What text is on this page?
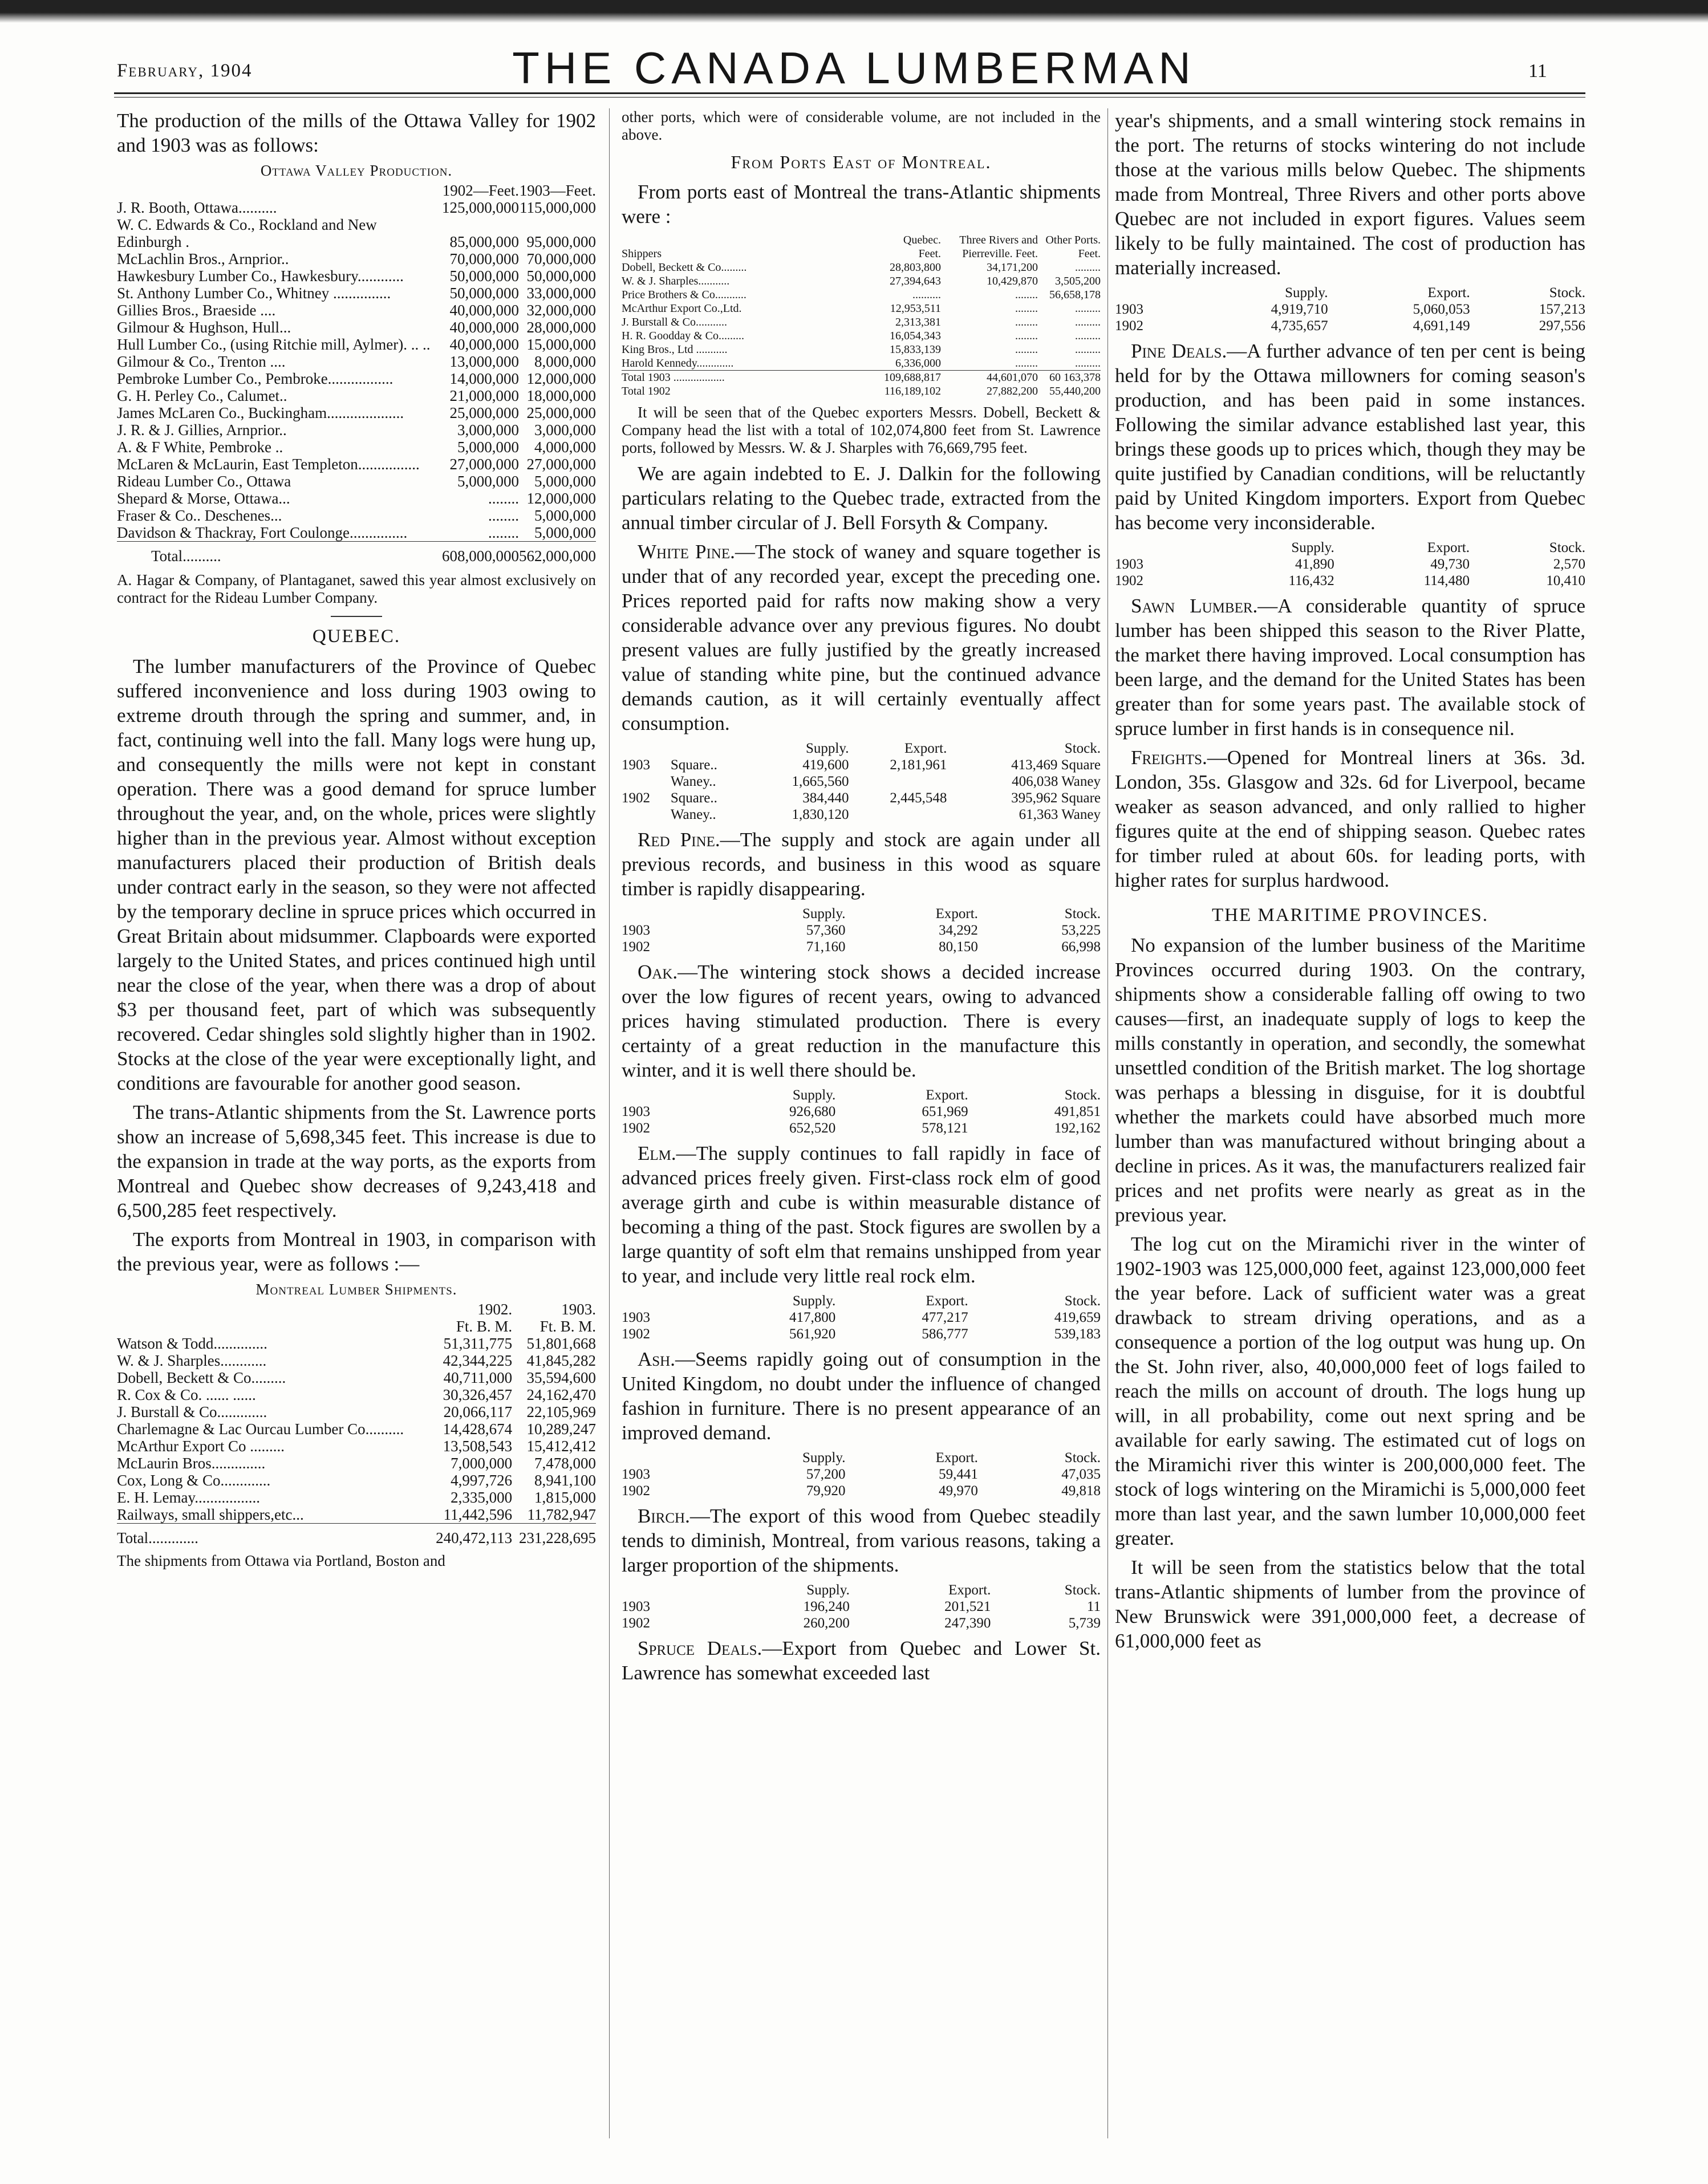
February, 1904	THE CANADA LUMBERMAN	11

The production of the mills of the Ottawa Valley for 1902 and 1903 was as follows:

Ottawa Valley Production.
	1902—Feet.	1903—Feet.
J. R. Booth, Ottawa..........	125,000,000	115,000,000
W. C. Edwards & Co., Rockland and New Edinburgh .	85,000,000	95,000,000
McLachlin Bros., Arnprior..	70,000,000	70,000,000
Hawkesbury Lumber Co., Hawkesbury............	50,000,000	50,000,000
St. Anthony Lumber Co., Whitney ...............	50,000,000	33,000,000
Gillies Bros., Braeside ....	40,000,000	32,000,000
Gilmour & Hughson, Hull...	40,000,000	28,000,000
Hull Lumber Co., (using Ritchie mill, Aylmer). .. ..	40,000,000	15,000,000
Gilmour & Co., Trenton ....	13,000,000	8,000,000
Pembroke Lumber Co., Pembroke.................	14,000,000	12,000,000
G. H. Perley Co., Calumet..	21,000,000	18,000,000
James McLaren Co., Buckingham....................	25,000,000	25,000,000
J. R. & J. Gillies, Arnprior..	3,000,000	3,000,000
A. & F White, Pembroke ..	5,000,000	4,000,000
McLaren & McLaurin, East Templeton................	27,000,000	27,000,000
Rideau Lumber Co., Ottawa	5,000,000	5,000,000
Shepard & Morse, Ottawa...	........	12,000,000
Fraser & Co.. Deschenes...	........	5,000,000
Davidson & Thackray, Fort Coulonge...............	........	5,000,000
Total..........	608,000,000	562,000,000

A. Hagar & Company, of Plantaganet, sawed this year almost exclusively on contract for the Rideau Lumber Company.

QUEBEC.

The lumber manufacturers of the Province of Quebec suffered inconvenience and loss during 1903 owing to extreme drouth through the spring and summer, and, in fact, continuing well into the fall. Many logs were hung up, and consequently the mills were not kept in constant operation. There was a good demand for spruce lumber throughout the year, and, on the whole, prices were slightly higher than in the previous year. Almost without exception manufacturers placed their production of British deals under contract early in the season, so they were not affected by the temporary decline in spruce prices which occurred in Great Britain about midsummer. Clapboards were exported largely to the United States, and prices continued high until near the close of the year, when there was a drop of about $3 per thousand feet, part of which was subsequently recovered. Cedar shingles sold slightly higher than in 1902. Stocks at the close of the year were exceptionally light, and conditions are favourable for another good season.

The trans-Atlantic shipments from the St. Lawrence ports show an increase of 5,698,345 feet. This increase is due to the expansion in trade at the way ports, as the exports from Montreal and Quebec show decreases of 9,243,418 and 6,500,285 feet respectively.

The exports from Montreal in 1903, in comparison with the previous year, were as follows :—

Montreal Lumber Shipments.
	1902.	1903.
	Ft. B. M.	Ft. B. M.
Watson & Todd..............	51,311,775	51,801,668
W. & J. Sharples............	42,344,225	41,845,282
Dobell, Beckett & Co.........	40,711,000	35,594,600
R. Cox & Co. ...... ......	30,326,457	24,162,470
J. Burstall & Co.............	20,066,117	22,105,969
Charlemagne & Lac Ourcau Lumber Co..........	14,428,674	10,289,247
McArthur Export Co .........	13,508,543	15,412,412
McLaurin Bros..............	7,000,000	7,478,000
Cox, Long & Co.............	4,997,726	8,941,100
E. H. Lemay.................	2,335,000	1,815,000
Railways, small shippers,etc...	11,442,596	11,782,947
Total.............	240,472,113	231,228,695

The shipments from Ottawa via Portland, Boston and

other ports, which were of considerable volume, are not included in the above.

From Ports East of Montreal.

From ports east of Montreal the trans-Atlantic shipments were :

Shippers	Quebec. Feet.	Three Rivers and Pierreville. Feet.	Other Ports. Feet.
Dobell, Beckett & Co.........	28,803,800	34,171,200	.........
W. & J. Sharples...........	27,394,643	10,429,870	3,505,200
Price Brothers & Co...........	..........	........	56,658,178
McArthur Export Co.,Ltd.	12,953,511	........	.........
J. Burstall & Co...........	2,313,381	........	.........
H. R. Goodday & Co.........	16,054,343	........	.........
King Bros., Ltd ...........	15,833,139	........	.........
Harold Kennedy.............	6,336,000	........	.........
Total 1903 ..................	109,688,817	44,601,070	60 163,378
Total 1902	116,189,102	27,882,200	55,440,200

It will be seen that of the Quebec exporters Messrs. Dobell, Beckett & Company head the list with a total of 102,074,800 feet from St. Lawrence ports, followed by Messrs. W. & J. Sharples with 76,669,795 feet.

We are again indebted to E. J. Dalkin for the following particulars relating to the Quebec trade, extracted from the annual timber circular of J. Bell Forsyth & Company.

White Pine.—The stock of waney and square together is under that of any recorded year, except the preceding one. Prices reported paid for rafts now making show a very considerable advance over any previous figures. No doubt present values are fully justified by the greatly increased value of standing white pine, but the continued advance demands caution, as it will certainly eventually affect consumption.

		Supply.	Export.	Stock.
1903	Square..	419,600	2,181,961	413,469 Square
	Waney..	1,665,560		406,038 Waney
1902	Square..	384,440	2,445,548	395,962 Square
	Waney..	1,830,120		61,363 Waney

Red Pine.—The supply and stock are again under all previous records, and business in this wood as square timber is rapidly disappearing.

	Supply.	Export.	Stock.
1903	57,360	34,292	53,225
1902	71,160	80,150	66,998

Oak.—The wintering stock shows a decided increase over the low figures of recent years, owing to advanced prices having stimulated production. There is every certainty of a great reduction in the manufacture this winter, and it is well there should be.

	Supply.	Export.	Stock.
1903	926,680	651,969	491,851
1902	652,520	578,121	192,162

Elm.—The supply continues to fall rapidly in face of advanced prices freely given. First-class rock elm of good average girth and cube is within measurable distance of becoming a thing of the past. Stock figures are swollen by a large quantity of soft elm that remains unshipped from year to year, and include very little real rock elm.

	Supply.	Export.	Stock.
1903	417,800	477,217	419,659
1902	561,920	586,777	539,183

Ash.—Seems rapidly going out of consumption in the United Kingdom, no doubt under the influence of changed fashion in furniture. There is no present appearance of an improved demand.

	Supply.	Export.	Stock.
1903	57,200	59,441	47,035
1902	79,920	49,970	49,818

Birch.—The export of this wood from Quebec steadily tends to diminish, Montreal, from various reasons, taking a larger proportion of the shipments.

	Supply.	Export.	Stock.
1903	196,240	201,521	11
1902	260,200	247,390	5,739

Spruce Deals.—Export from Quebec and Lower St. Lawrence has somewhat exceeded last

year's shipments, and a small wintering stock remains in the port. The returns of stocks wintering do not include those at the various mills below Quebec. The shipments made from Montreal, Three Rivers and other ports above Quebec are not included in export figures. Values seem likely to be fully maintained. The cost of production has materially increased.

	Supply.	Export.	Stock.
1903	4,919,710	5,060,053	157,213
1902	4,735,657	4,691,149	297,556

Pine Deals.—A further advance of ten per cent is being held for by the Ottawa millowners for coming season's production, and has been paid in some instances. Following the similar advance established last year, this brings these goods up to prices which, though they may be quite justified by Canadian conditions, will be reluctantly paid by United Kingdom importers. Export from Quebec has become very inconsiderable.

	Supply.	Export.	Stock.
1903	41,890	49,730	2,570
1902	116,432	114,480	10,410

Sawn Lumber.—A considerable quantity of spruce lumber has been shipped this season to the River Platte, the market there having improved. Local consumption has been large, and the demand for the United States has been greater than for some years past. The available stock of spruce lumber in first hands is in consequence nil.

Freights.—Opened for Montreal liners at 36s. 3d. London, 35s. Glasgow and 32s. 6d for Liverpool, became weaker as season advanced, and only rallied to higher figures quite at the end of shipping season. Quebec rates for timber ruled at about 60s. for leading ports, with higher rates for surplus hardwood.

THE MARITIME PROVINCES.

No expansion of the lumber business of the Maritime Provinces occurred during 1903. On the contrary, shipments show a considerable falling off owing to two causes—first, an inadequate supply of logs to keep the mills constantly in operation, and secondly, the somewhat unsettled condition of the British market. The log shortage was perhaps a blessing in disguise, for it is doubtful whether the markets could have absorbed much more lumber than was manufactured without bringing about a decline in prices. As it was, the manufacturers realized fair prices and net profits were nearly as great as in the previous year.

The log cut on the Miramichi river in the winter of 1902-1903 was 125,000,000 feet, against 123,000,000 feet the year before. Lack of sufficient water was a great drawback to stream driving operations, and as a consequence a portion of the log output was hung up. On the St. John river, also, 40,000,000 feet of logs failed to reach the mills on account of drouth. The logs hung up will, in all probability, come out next spring and be available for early sawing. The estimated cut of logs on the Miramichi river this winter is 200,000,000 feet. The stock of logs wintering on the Miramichi is 5,000,000 feet more than last year, and the sawn lumber 10,000,000 feet greater.

It will be seen from the statistics below that the total trans-Atlantic shipments of lumber from the province of New Brunswick were 391,000,000 feet, a decrease of 61,000,000 feet as
